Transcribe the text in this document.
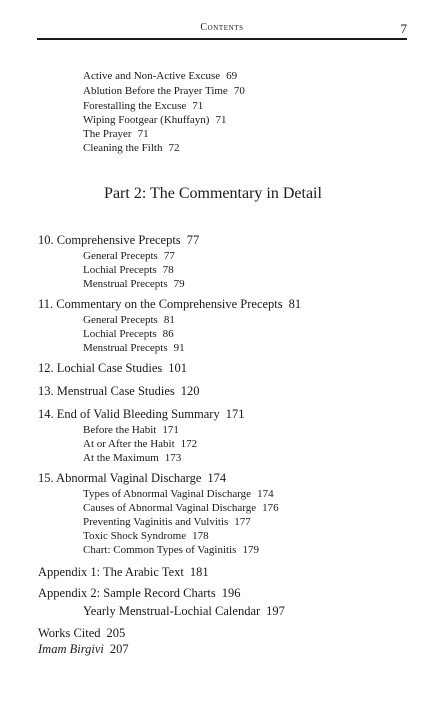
Contents	7
Active and Non-Active Excuse 69
Ablution Before the Prayer Time 70
Forestalling the Excuse 71
Wiping Footgear (Khuffayn) 71
The Prayer 71
Cleaning the Filth 72
Part 2: The Commentary in Detail
10. Comprehensive Precepts 77
General Precepts 77
Lochial Precepts 78
Menstrual Precepts 79
11. Commentary on the Comprehensive Precepts 81
General Precepts 81
Lochial Precepts 86
Menstrual Precepts 91
12. Lochial Case Studies 101
13. Menstrual Case Studies 120
14. End of Valid Bleeding Summary 171
Before the Habit 171
At or After the Habit 172
At the Maximum 173
15. Abnormal Vaginal Discharge 174
Types of Abnormal Vaginal Discharge 174
Causes of Abnormal Vaginal Discharge 176
Preventing Vaginitis and Vulvitis 177
Toxic Shock Syndrome 178
Chart: Common Types of Vaginitis 179
Appendix 1: The Arabic Text 181
Appendix 2: Sample Record Charts 196
Yearly Menstrual-Lochial Calendar 197
Works Cited 205
Imam Birgivi 207
